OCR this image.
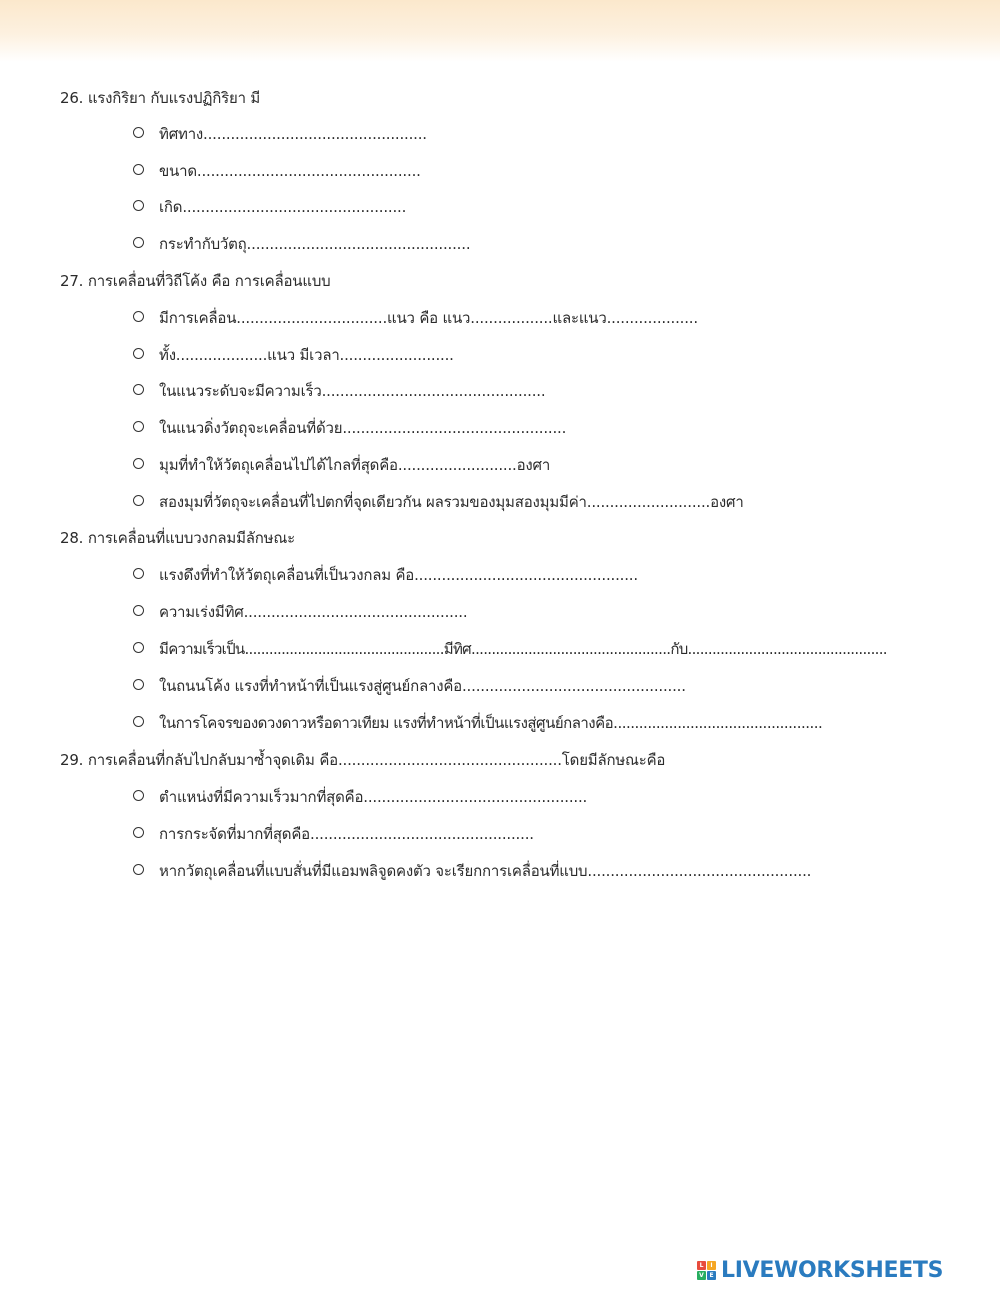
26. แรงกิริยา กับแรงปฏิกิริยา มี
ทิศทาง.................................................
ขนาด.................................................
เกิด.................................................
กระทำกับวัตถุ.................................................
27. การเคลื่อนที่วิถีโค้ง คือ การเคลื่อนแบบ
มีการเคลื่อน.................................แนว คือ แนว..................และแนว....................
ทั้ง....................แนว มีเวลา.........................
ในแนวระดับจะมีความเร็ว.................................................
ในแนวดิ่งวัตถุจะเคลื่อนที่ด้วย.................................................
มุมที่ทำให้วัตถุเคลื่อนไปได้ไกลที่สุดคือ..........................องศา
สองมุมที่วัตถุจะเคลื่อนที่ไปตกที่จุดเดียวกัน ผลรวมของมุมสองมุมมีค่า...........................องศา
28. การเคลื่อนที่แบบวงกลมมีลักษณะ
แรงดึงที่ทำให้วัตถุเคลื่อนที่เป็นวงกลม คือ.................................................
ความเร่งมีทิศ.................................................
มีความเร็วเป็น.................................................มีทิศ.................................................กับ.................................................
ในถนนโค้ง แรงที่ทำหน้าที่เป็นแรงสู่ศูนย์กลางคือ.................................................
ในการโคจรของดวงดาวหรือดาวเทียม แรงที่ทำหน้าที่เป็นแรงสู่ศูนย์กลางคือ.................................................
29. การเคลื่อนที่กลับไปกลับมาซ้ำจุดเดิม คือ.................................................โดยมีลักษณะคือ
ตำแหน่งที่มีความเร็วมากที่สุดคือ.................................................
การกระจัดที่มากที่สุดคือ.................................................
หากวัตถุเคลื่อนที่แบบสั่นที่มีแอมพลิจูดคงตัว จะเรียกการเคลื่อนที่แบบ.................................................
L	I
V E LIVEWORKSHEETS
